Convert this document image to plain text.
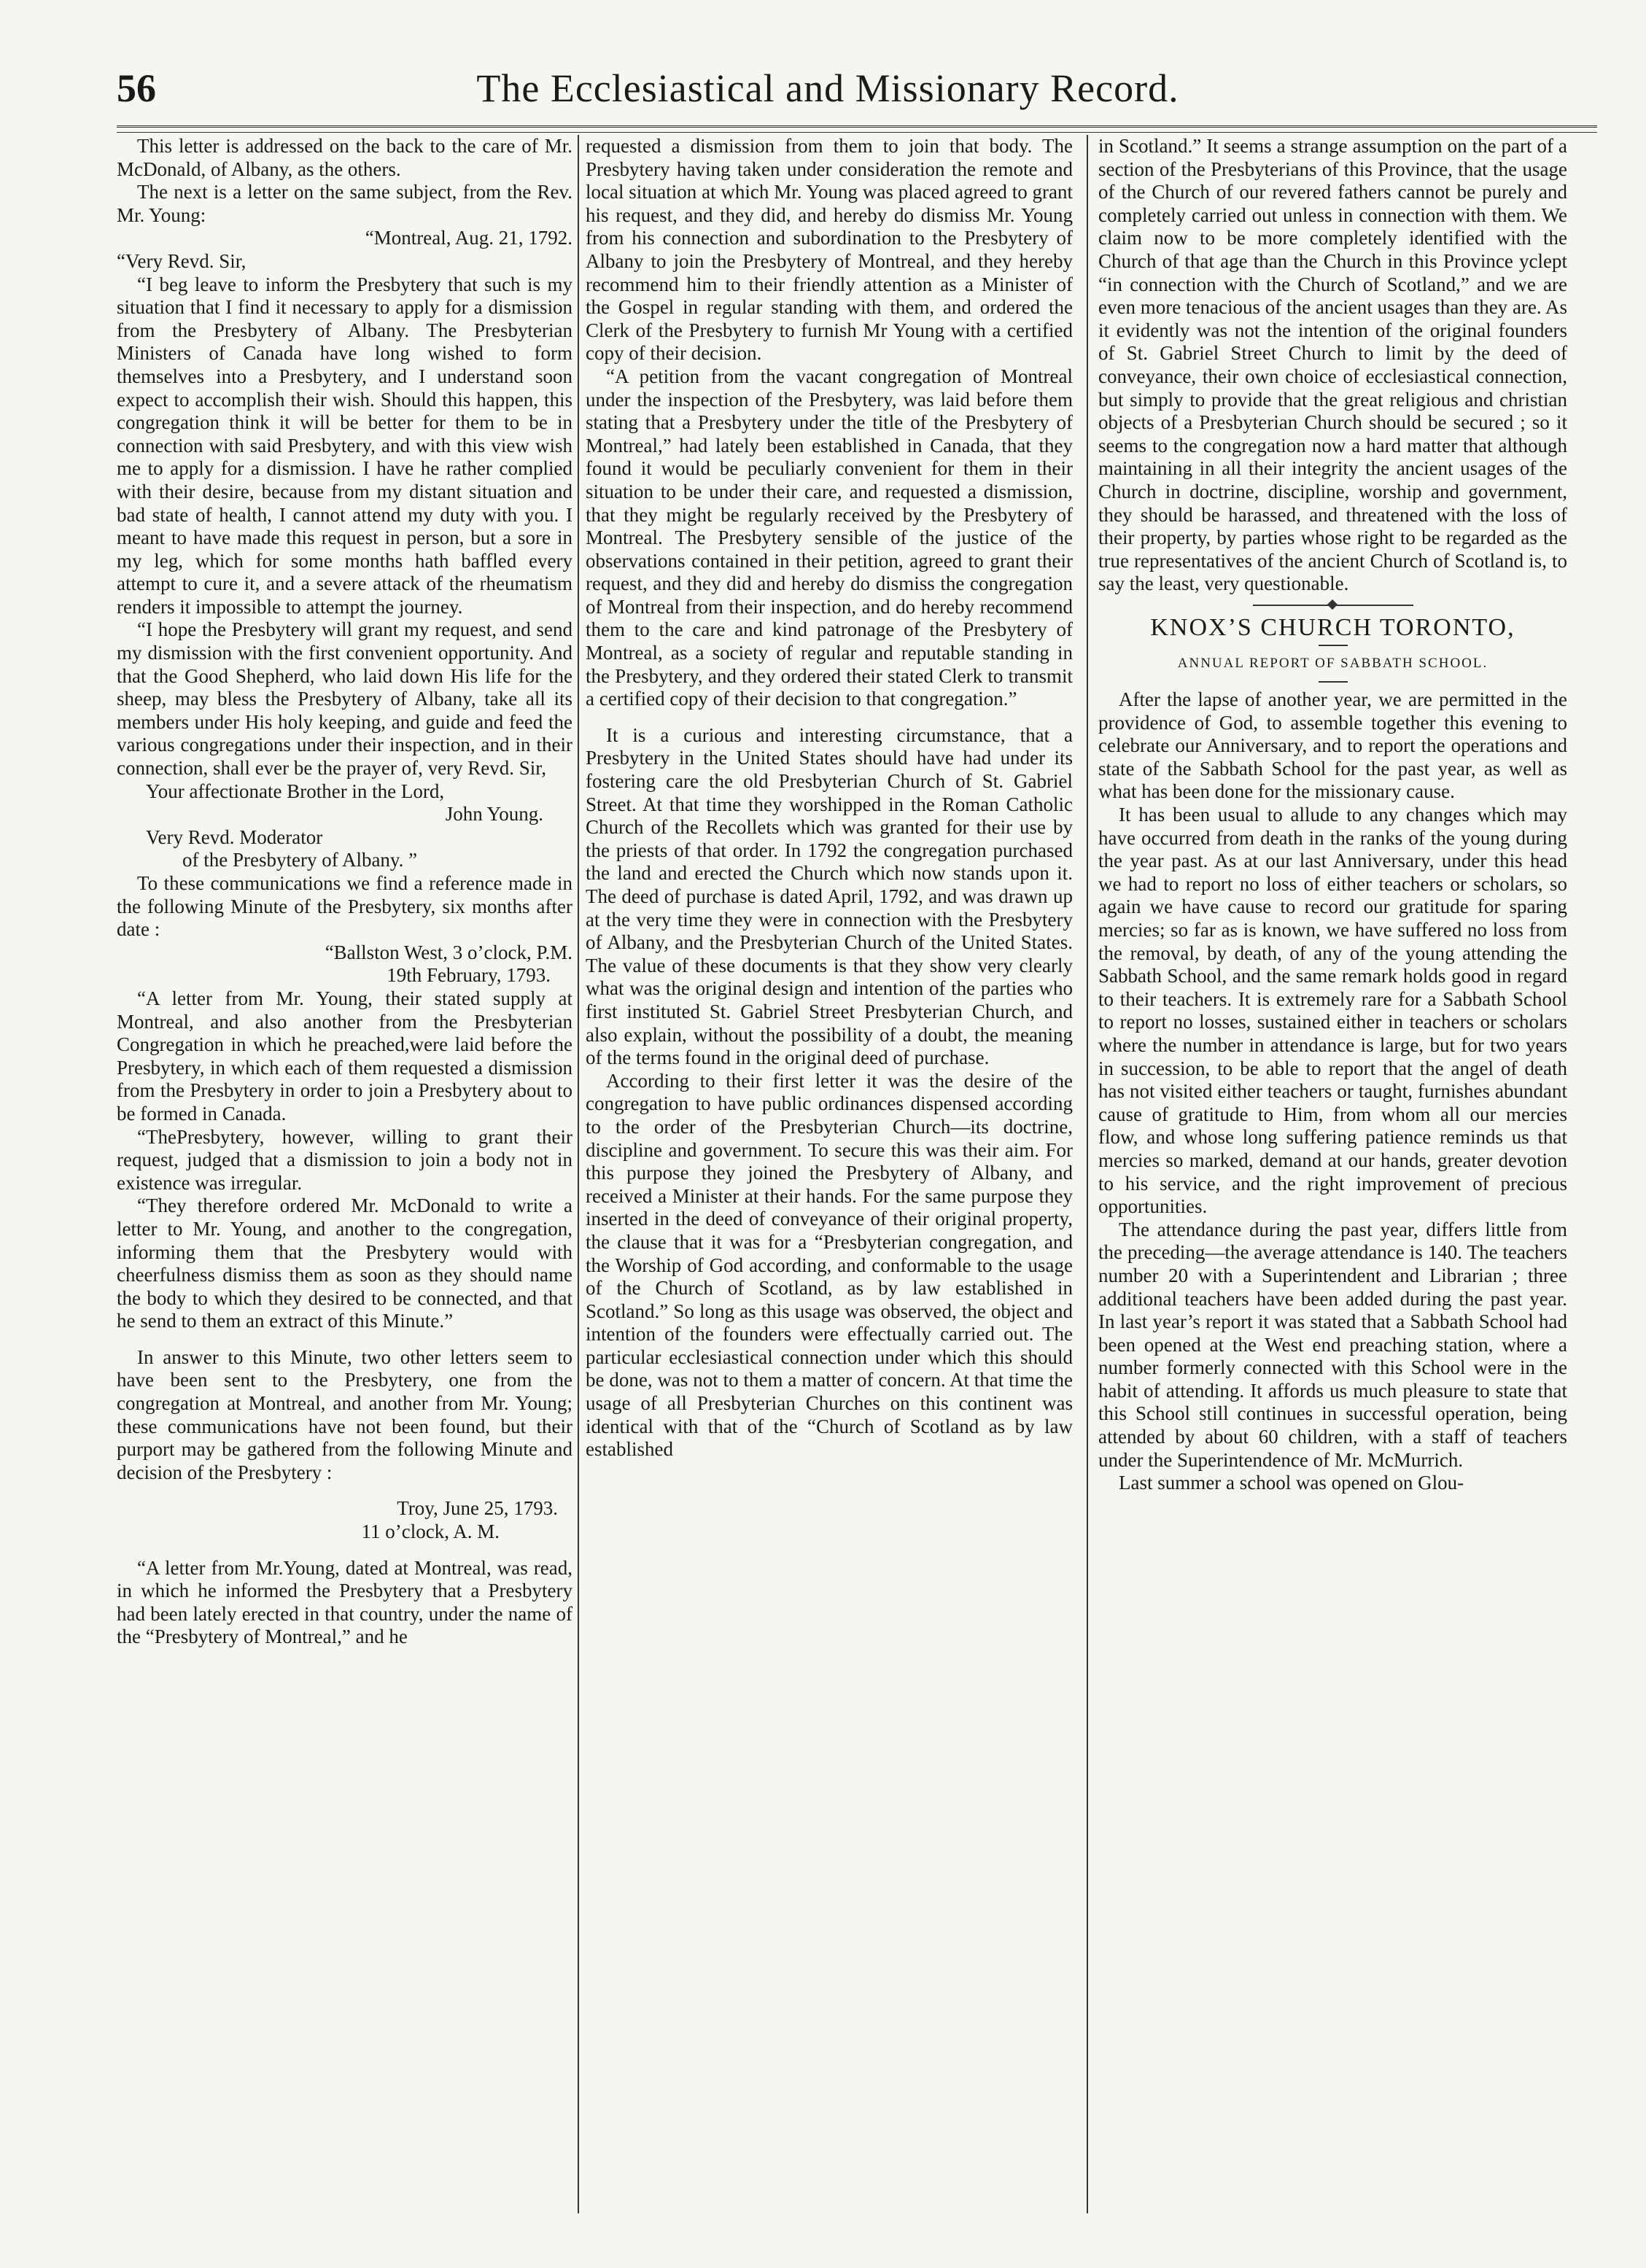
56	The Ecclesiastical and Missionary Record.

This letter is addressed on the back to the care of Mr. McDonald, of Albany, as the others.

The next is a letter on the same subject, from the Rev. Mr. Young:

“Montreal, Aug. 21, 1792.

“Very Revd. Sir,

“I beg leave to inform the Presbytery that such is my situation that I find it necessary to apply for a dismission from the Presbytery of Albany. The Presbyterian Ministers of Canada have long wished to form themselves into a Presbytery, and I understand soon expect to accomplish their wish. Should this happen, this congregation think it will be better for them to be in connection with said Presbytery, and with this view wish me to apply for a dismission. I have he rather complied with their desire, because from my distant situation and bad state of health, I cannot attend my duty with you. I meant to have made this request in person, but a sore in my leg, which for some months hath baffled every attempt to cure it, and a severe attack of the rheumatism renders it impossible to attempt the journey.

“I hope the Presbytery will grant my request, and send my dismission with the first convenient opportunity. And that the Good Shepherd, who laid down His life for the sheep, may bless the Presbytery of Albany, take all its members under His holy keeping, and guide and feed the various congregations under their inspection, and in their connection, shall ever be the prayer of, very Revd. Sir,

Your affectionate Brother in the Lord,

John Young.

Very Revd. Moderator

of the Presbytery of Albany. ”

To these communications we find a reference made in the following Minute of the Presbytery, six months after date :

“Ballston West, 3 o’clock, P.M.

19th February, 1793.

“A letter from Mr. Young, their stated supply at Montreal, and also another from the Presbyterian Congregation in which he preached,were laid before the Presbytery, in which each of them requested a dismission from the Presbytery in order to join a Presbytery about to be formed in Canada.

“ThePresbytery, however, willing to grant their request, judged that a dismission to join a body not in existence was irregular.

“They therefore ordered Mr. McDonald to write a letter to Mr. Young, and another to the congregation, informing them that the Presbytery would with cheerfulness dismiss them as soon as they should name the body to which they desired to be connected, and that he send to them an extract of this Minute.”

In answer to this Minute, two other letters seem to have been sent to the Presbytery, one from the congregation at Montreal, and another from Mr. Young; these communications have not been found, but their purport may be gathered from the following Minute and decision of the Presbytery :

Troy, June 25, 1793.

11 o’clock, A. M.

“A letter from Mr.Young, dated at Montreal, was read, in which he informed the Presbytery that a Presbytery had been lately erected in that country, under the name of the “Presbytery of Montreal,” and he

requested a dismission from them to join that body. The Presbytery having taken under consideration the remote and local situation at which Mr. Young was placed agreed to grant his request, and they did, and hereby do dismiss Mr. Young from his connection and subordination to the Presbytery of Albany to join the Presbytery of Montreal, and they hereby recommend him to their friendly attention as a Minister of the Gospel in regular standing with them, and ordered the Clerk of the Presbytery to furnish Mr Young with a certified copy of their decision.

“A petition from the vacant congregation of Montreal under the inspection of the Presbytery, was laid before them stating that a Presbytery under the title of the Presbytery of Montreal,” had lately been established in Canada, that they found it would be peculiarly convenient for them in their situation to be under their care, and requested a dismission, that they might be regularly received by the Presbytery of Montreal. The Presbytery sensible of the justice of the observations contained in their petition, agreed to grant their request, and they did and hereby do dismiss the congregation of Montreal from their inspection, and do hereby recommend them to the care and kind patronage of the Presbytery of Montreal, as a society of regular and reputable standing in the Presbytery, and they ordered their stated Clerk to transmit a certified copy of their decision to that congregation.”

It is a curious and interesting circumstance, that a Presbytery in the United States should have had under its fostering care the old Presbyterian Church of St. Gabriel Street. At that time they worshipped in the Roman Catholic Church of the Recollets which was granted for their use by the priests of that order. In 1792 the congregation purchased the land and erected the Church which now stands upon it. The deed of purchase is dated April, 1792, and was drawn up at the very time they were in connection with the Presbytery of Albany, and the Presbyterian Church of the United States. The value of these documents is that they show very clearly what was the original design and intention of the parties who first instituted St. Gabriel Street Presbyterian Church, and also explain, without the possibility of a doubt, the meaning of the terms found in the original deed of purchase.

According to their first letter it was the desire of the congregation to have public ordinances dispensed according to the order of the Presbyterian Church—its doctrine, discipline and government. To secure this was their aim. For this purpose they joined the Presbytery of Albany, and received a Minister at their hands. For the same purpose they inserted in the deed of conveyance of their original property, the clause that it was for a “Presbyterian congregation, and the Worship of God according, and conformable to the usage of the Church of Scotland, as by law established in Scotland.” So long as this usage was observed, the object and intention of the founders were effectually carried out. The particular ecclesiastical connection under which this should be done, was not to them a matter of concern. At that time the usage of all Presbyterian Churches on this continent was identical with that of the “Church of Scotland as by law established

in Scotland.” It seems a strange assumption on the part of a section of the Presbyterians of this Province, that the usage of the Church of our revered fathers cannot be purely and completely carried out unless in connection with them. We claim now to be more completely identified with the Church of that age than the Church in this Province yclept “in connection with the Church of Scotland,” and we are even more tenacious of the ancient usages than they are. As it evidently was not the intention of the original founders of St. Gabriel Street Church to limit by the deed of conveyance, their own choice of ecclesiastical connection, but simply to provide that the great religious and christian objects of a Presbyterian Church should be secured ; so it seems to the congregation now a hard matter that although maintaining in all their integrity the ancient usages of the Church in doctrine, discipline, worship and government, they should be harassed, and threatened with the loss of their property, by parties whose right to be regarded as the true representatives of the ancient Church of Scotland is, to say the least, very questionable.

KNOX’S CHURCH TORONTO,

ANNUAL REPORT OF SABBATH SCHOOL.

After the lapse of another year, we are permitted in the providence of God, to assemble together this evening to celebrate our Anniversary, and to report the operations and state of the Sabbath School for the past year, as well as what has been done for the missionary cause.

It has been usual to allude to any changes which may have occurred from death in the ranks of the young during the year past. As at our last Anniversary, under this head we had to report no loss of either teachers or scholars, so again we have cause to record our gratitude for sparing mercies; so far as is known, we have suffered no loss from the removal, by death, of any of the young attending the Sabbath School, and the same remark holds good in regard to their teachers. It is extremely rare for a Sabbath School to report no losses, sustained either in teachers or scholars where the number in attendance is large, but for two years in succession, to be able to report that the angel of death has not visited either teachers or taught, furnishes abundant cause of gratitude to Him, from whom all our mercies flow, and whose long suffering patience reminds us that mercies so marked, demand at our hands, greater devotion to his service, and the right improvement of precious opportunities.

The attendance during the past year, differs little from the preceding—the average attendance is 140. The teachers number 20 with a Superintendent and Librarian ; three additional teachers have been added during the past year. In last year’s report it was stated that a Sabbath School had been opened at the West end preaching station, where a number formerly connected with this School were in the habit of attending. It affords us much pleasure to state that this School still continues in successful operation, being attended by about 60 children, with a staff of teachers under the Superintendence of Mr. McMurrich.

Last summer a school was opened on Glou-
